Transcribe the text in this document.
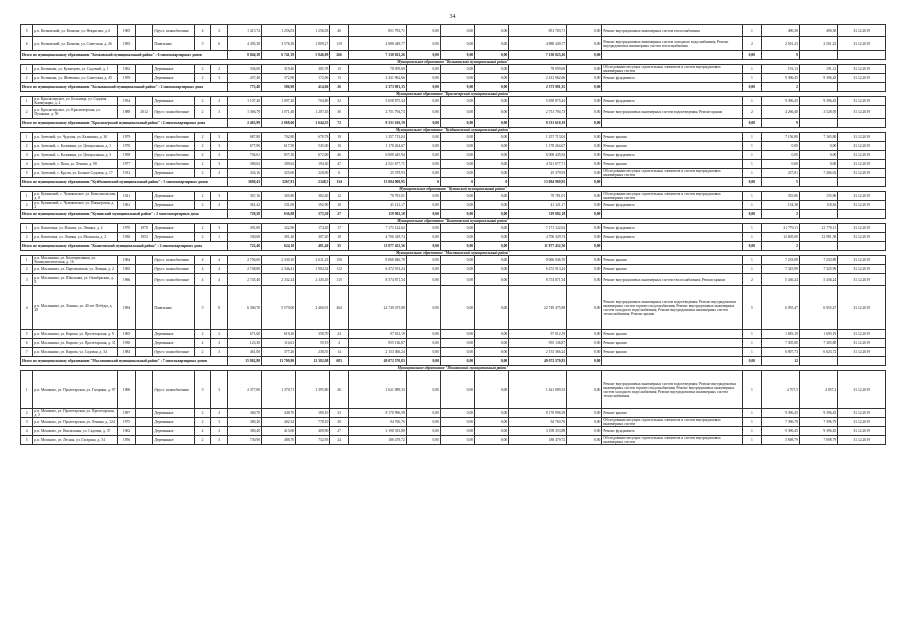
34
5	р.п. Кочковский, ул. Кочкова, ул. Некрасова, д. 6	1965		(бруст. шлакоблочные	4	2	1 415,74	1 256,03	1 256,03	40	851 783,71	0,00	0,00	0,00	851 783,71	0,00	Ремонт внутридомовых инженерных систем теплоснабжения	1	490,30	490,30	31.12.2019
6	р.п. Кочковский, ул. Кочкова, ул. Советская, д. 26	1995		Панельные	5	6	4 495,38	3 576,38	1 809,27	119	4 888 449,77	0,00	0,00	0,00	4 888 449,77	0,00	Ремонт внутридомовых инженерных систем холодного водоснабжения; Ремонт внутридомовых инженерных систем теплоснабжения	2	2 501,23	2 501,23	31.12.2019
Итого по муниципальному образованию "Кочковский муниципальный район" : 6 многоквартирных домов							8 846,38	6 741,39	5 846,09	266	7 130 023,26	0,00	0,00	0,00	7 130 023,26	0,00		0,00	9		
Муниципальное образование "Колыванский муниципальный район"																					
1	р.п. Колывань, ул. Кузнецова, ул. Садовый, д. 1	1962		Деревянные	2	2	336,00	319,40	305,78	13	78 059,69	0,00	0,00	0,00	78 059,69	0,00	Обследование несущих строительных элементов и систем внутридомовых инженерных систем	1	191,13	191,12	31.12.2019
2	р.п. Колывань, ул. Шевченко, ул. Советская, д. 45	1959		Деревянные	2	3	437,40	372,90	172,96	13	2 431 962,66	0,00	0,00	0,00	2 431 962,66	0,00	Ремонт фундамента	1	9 396,45	9 396,45	31.12.2019
Итого по муниципальному образованию "Колыванский муниципальный район" : 2 многоквартирных дома							773,40	586,90	414,66	26	2 373 981,35	0,00	0,00	0,00	2 373 981,35	0,00		0,00	2		
Муниципальное образование "Краснозерский муниципальный район"																					
1	р.п. Краснозерское, ул. Больница, ул. Садовая Коммунары, д. 2	1954		Деревянные	2	3	1 107,20	1 097,20	704,80	32	5 658 875,44	0,00	0,00	0,00	5 658 875,44	0,00	Ремонт фундамента	1	9 396,45	9 396,45	31.12.2019
2	р.п. Краснозерское, ул. Краснозерская, ул. Пушкина, д. 50	1988	2012	(бруст. шлакоблочные	2	3	1 366,79	1 071,40	1 207,45	30	2 751 794,73	0,00	0,00	0,00	2 751 794,73	0,00	Ремонт внутридомовых инженерных систем водоотведения; Ремонт крыши	2	4 266,40	3 528,95	31.12.2019
Итого по муниципальному образованию "Краснозерский муниципальный район" : 2 многоквартирных дома							2 463,99	2 068,60	1 644,55	72	8 331 610,19	0,00	0,00	0,00	8 331 610,19	0,00		0,00	9		
Муниципальное образование "Куйбышевский муниципальный район"																					
1	р.п. Зуевский, ул. Чудская, ул. Калинина, д. 30	1979		(бруст. шлакоблочные	2	3	687,80	702,80	678,78	19	1 257 713,04	0,00	0,00	0,00	1 257 713,04	0,00	Ремонт крыши	1	7 156,80	7 165,80	31.12.2019
2	р.п. Зуевский, с. Калинина, ул. Центральная, д. 1	1970		(бруст. шлакоблочные	2	3	677,90	617,50	545,00	16	1 178 264,67	0,00	0,00	0,00	1 178 264,67	0,00	Ремонт крыши	1	0,00	0,00	31.12.2019
3	р.п. Зуевский, с. Калинина, ул. Центральная, д. 3	1958		(бруст. шлакоблочные	2	3	704,61	857,30	672,00	46	6 008 445,94	0,00	0,00	0,00	6 008 445,94	0,00	Ремонт фундамента	1	0,00	0,00	31.12.2019
4	р.п. Зуевский, с. Пыш, ул. Ленина, д. 90	1977		(бруст. шлакоблочные	2	3	309,62	309,62	194,30	47	4 521 677,71	0,00	0,00	0,00	4 521 677,71	0,00	Ремонт крыши	1	0,00	0,00	31.12.2019
5	р.п. Зуевский, с. Кручи, ул. Больше Садовая, д. 17	1912		Деревянные	2	3	343,16	325,60	220,90	6	25 379,93	0,00	0,00	0,00	25 379,93	0,00	Обследование несущих строительных элементов и систем внутридомовых инженерных систем	1	237,81	7 266,02	31.12.2019
Итого по муниципальному образованию "Куйбышевский муниципальный район" : 5 многоквартирных домов							3690,43	3267,81	2348,5	134	13 004 969,95	0	0	0	13 004 969,95	0,00		0,00	5		
Муниципальное образование "Купинский муниципальный район"																					
1	р.п. Купинский, с. Чумаковское, ул. Комсомольская, д. 8	1921		Деревянные	2	3	367,16	305,80	382,40	12	78 781,01	0,00	0,00	0,00	78 781,01	0,00	Обследование несущих строительных элементов и систем внутридомовых инженерных систем	1	355,86	155,96	31.12.2019
2	р.п. Купинский, с. Чумаковское, ул. Пионерская, д. 2	1961		Деревянные	2	3	361,42	331,08	192,90	16	41 121,17	0,00	0,00	0,00	41 121,17	0,00	Ремонт фундамента	1	134,38	118,36	31.12.2019
Итого по муниципальному образованию "Купинский муниципальный район" : 2 многоквартирных дома							728,58	636,88	575,30	27	119 902,18	0,00	0,00	0,00	119 902,18	0,00		0,00	2		
Муниципальное образование "Кыштовский муниципальный район"																					
1	р.п. Кыштовка, ул. Ильича, ул. Ленина, д. 2	1970	1970	Деревянные	2	3	391,80	322,90	174,20	17	7 171 122,62	0,00	0,00	0,00	7 171 122,62	0,00	Ремонт фундамента	1	21 770,11	21 770,11	31.12.2019
2	р.п. Кыштовка, ул. Ленина, ул. Мохнатая, д. 2	1930	1953	Деревянные	2	1	330,60	301,20	307,20	18	4 706 329,74	0,00	0,00	0,00	4 706 329,74	0,00	Ремонт фундамента	1	12 605,00	12 981,58	31.12.2019
Итого по муниципальному образованию "Кыштовский муниципальный район" : 2 многоквартирных дома							722,40	624,10	481,40	35	11 877 452,36	0,00	0,00	0,00	11 877 452,36	0,00		0,00	2		
Муниципальное образование "Маслянинский муниципальный район"																					
1	р.п. Маслянино, ул. Кооперативная, ул. Коммунистическая, д. 16	1964		(бруст. шлакоблочные	4	4	2 756,60	2 330,10	2 611,23	156	8 066 846,70	0,00	0,00	0,00	8 066 846,70	0,00	Ремонт крыши	1	7 233,89	7 233,89	31.12.2019
2	р.п. Маслянино, ул. Партизанская, ул. Ленина, д. 2	1965		(бруст. шлакоблочные	4	4	2 748,80	2 346,41	1 904,32	112	6 472 913,24	0,00	0,00	0,00	6 472 913,24	0,00	Ремонт крыши	1	7 325,99	7 325,99	31.12.2019
3	р.п. Маслянино, ул. Школьная, ул. Октябрьская, д. 8	1966		(бруст. шлакоблочные	4	4	2 745,40	2 332,24	2 345,45	115	8 374 871,34	0,00	0,00	0,00	8 374 871,34	0,00	Ремонт внутридомовых инженерных систем теплоснабжения; Ремонт крыши	2	5 436,24	5 436,24	31.12.2019
4	р.п. Маслянино, ул. Ленина, ул. 40 лет Победы, д. 28	1994		Панельные	5	8	6 360,70	5 570,00	2 460,01	264	22 749 475,88	0,00	0,00	0,00	22 749 475,88	0,00	Ремонт внутридомовых инженерных систем водоотведения; Ремонт внутридомовых инженерных систем горячего водоснабжения; Ремонт внутридомовых инженерных систем холодного водоснабжения; Ремонт внутридомовых инженерных систем теплоснабжения; Ремонт крыши	5	6 955,47	6 955,47	31.12.2019
5	р.п. Маслянино, ул. Кирова, ул. Пролетарская, д. 9	1965		Деревянные	2	2	671,60	619,20	358,70	24	97 012,19	0,00	0,00	0,00	97 012,19	0,00	Ремонт крыши	1	1 683,19	1 693,19	31.12.2019
6	р.п. Маслянино, ул. Кирова, ул. Пролетарская, д. 31	1930		Деревянные	2	3	123,30	114,61	59,19	4	955 136,87	0,00	0,00	0,00	955 136,87	0,00	Ремонт крыши	1	7 305,80	7 305,80	31.12.2019
7	р.п. Маслянино, ул. Кирова, ул. Садовая, д. 34	1984		(бруст. шлакоблочные	2	3	461,00	377,20	238,55	14	2 153 366,24	0,00	0,00	0,00	2 153 366,24	0,00	Ремонт крыши	1	6 807,73	6 023,72	31.12.2019
Итого по муниципальному образованию "Маслянинский муниципальный район" : 7 многоквартирных домов							15 862,80	13 709,80	12 382,08	683	49 072 570,83	0,00	0,00	0,00	49 072 570,83	0,00		0,00	12		
Муниципальное образование "Мошковский муниципальный район"																					
1	р.п. Мошково, ул. Пролетарская, ул. Гагарина, д. 97	1966		(бруст. шлакоблочные	3	3	2 377,80	1 370,71	1 395,80	26	1 621 089,33	0,00	0,00	0,00	1 621 089,33	0,00	Ремонт внутридомовых инженерных систем водоотведения; Ремонт внутридомовых инженерных систем горячего водоснабжения; Ремонт внутридомовых инженерных систем холодного водоснабжения; Ремонт внутридомовых инженерных систем теплоснабжения	1	4 707,5	4 857,2	31.12.2019
2	р.п. Мошково, ул. Пролетарская, ул. Пролетарская, д. 5	1997		Деревянные	2	3	360,70	448,70	180,10	23	8 170 996,58	0,00	0,00	0,00	8 170 996,58	0,00	Ремонт крыши	1	9 396,45	9 396,45	31.12.2019
3	р.п. Мошково, ул. Пролетарская, ул. Ленина, д. 124	1975		Деревянные	2	3	380,20	402,34	778,10	20	94 760,76	0,00	0,00	0,00	94 760,76	0,00	Обследование несущих строительных элементов и систем внутридомовых инженерных систем	1	7 396,79	7 396,79	31.12.2019
4	р.п. Мошково, ул. Вокзальная, ул. Садовая, д. 37	1962		Деревянные	2	3	380,40	413,60	409,90	27	3 198 353,88	0,00	0,00	0,00	3 198 353,88	0,00	Ремонт фундамента	1	9 396,45	9 396,45	31.12.2019
5	р.п. Мошково, ул. Лесная, ул. Гагарина, д. 54	1956		Деревянные	2	3	730,90	488,70	732,95	24	188 479,72	0,00	0,00	0,00	188 479,72	0,00	Обследование несущих строительных элементов и систем внутридомовых инженерных систем	1	3 698,79	7 698,79	31.12.2019
